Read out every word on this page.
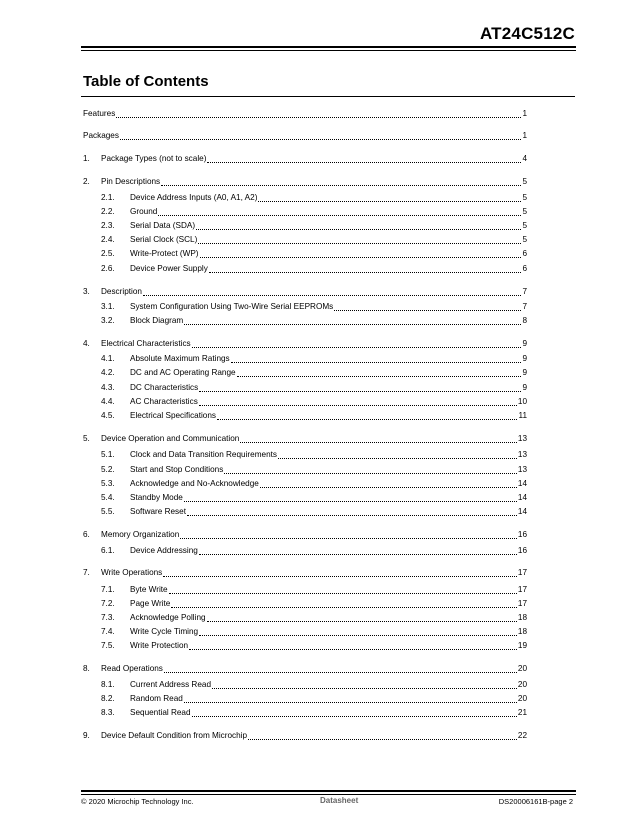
AT24C512C
Table of Contents
Features	1
Packages	1
1. Package Types (not to scale)	4
2. Pin Descriptions	5
2.1. Device Address Inputs (A0, A1, A2)	5
2.2. Ground	5
2.3. Serial Data (SDA)	5
2.4. Serial Clock (SCL)	5
2.5. Write-Protect (WP)	6
2.6. Device Power Supply	6
3. Description	7
3.1. System Configuration Using Two-Wire Serial EEPROMs	7
3.2. Block Diagram	8
4. Electrical Characteristics	9
4.1. Absolute Maximum Ratings	9
4.2. DC and AC Operating Range	9
4.3. DC Characteristics	9
4.4. AC Characteristics	10
4.5. Electrical Specifications	11
5. Device Operation and Communication	13
5.1. Clock and Data Transition Requirements	13
5.2. Start and Stop Conditions	13
5.3. Acknowledge and No-Acknowledge	14
5.4. Standby Mode	14
5.5. Software Reset	14
6. Memory Organization	16
6.1. Device Addressing	16
7. Write Operations	17
7.1. Byte Write	17
7.2. Page Write	17
7.3. Acknowledge Polling	18
7.4. Write Cycle Timing	18
7.5. Write Protection	19
8. Read Operations	20
8.1. Current Address Read	20
8.2. Random Read	20
8.3. Sequential Read	21
9. Device Default Condition from Microchip	22
© 2020 Microchip Technology Inc.	Datasheet	DS20006161B-page 2
